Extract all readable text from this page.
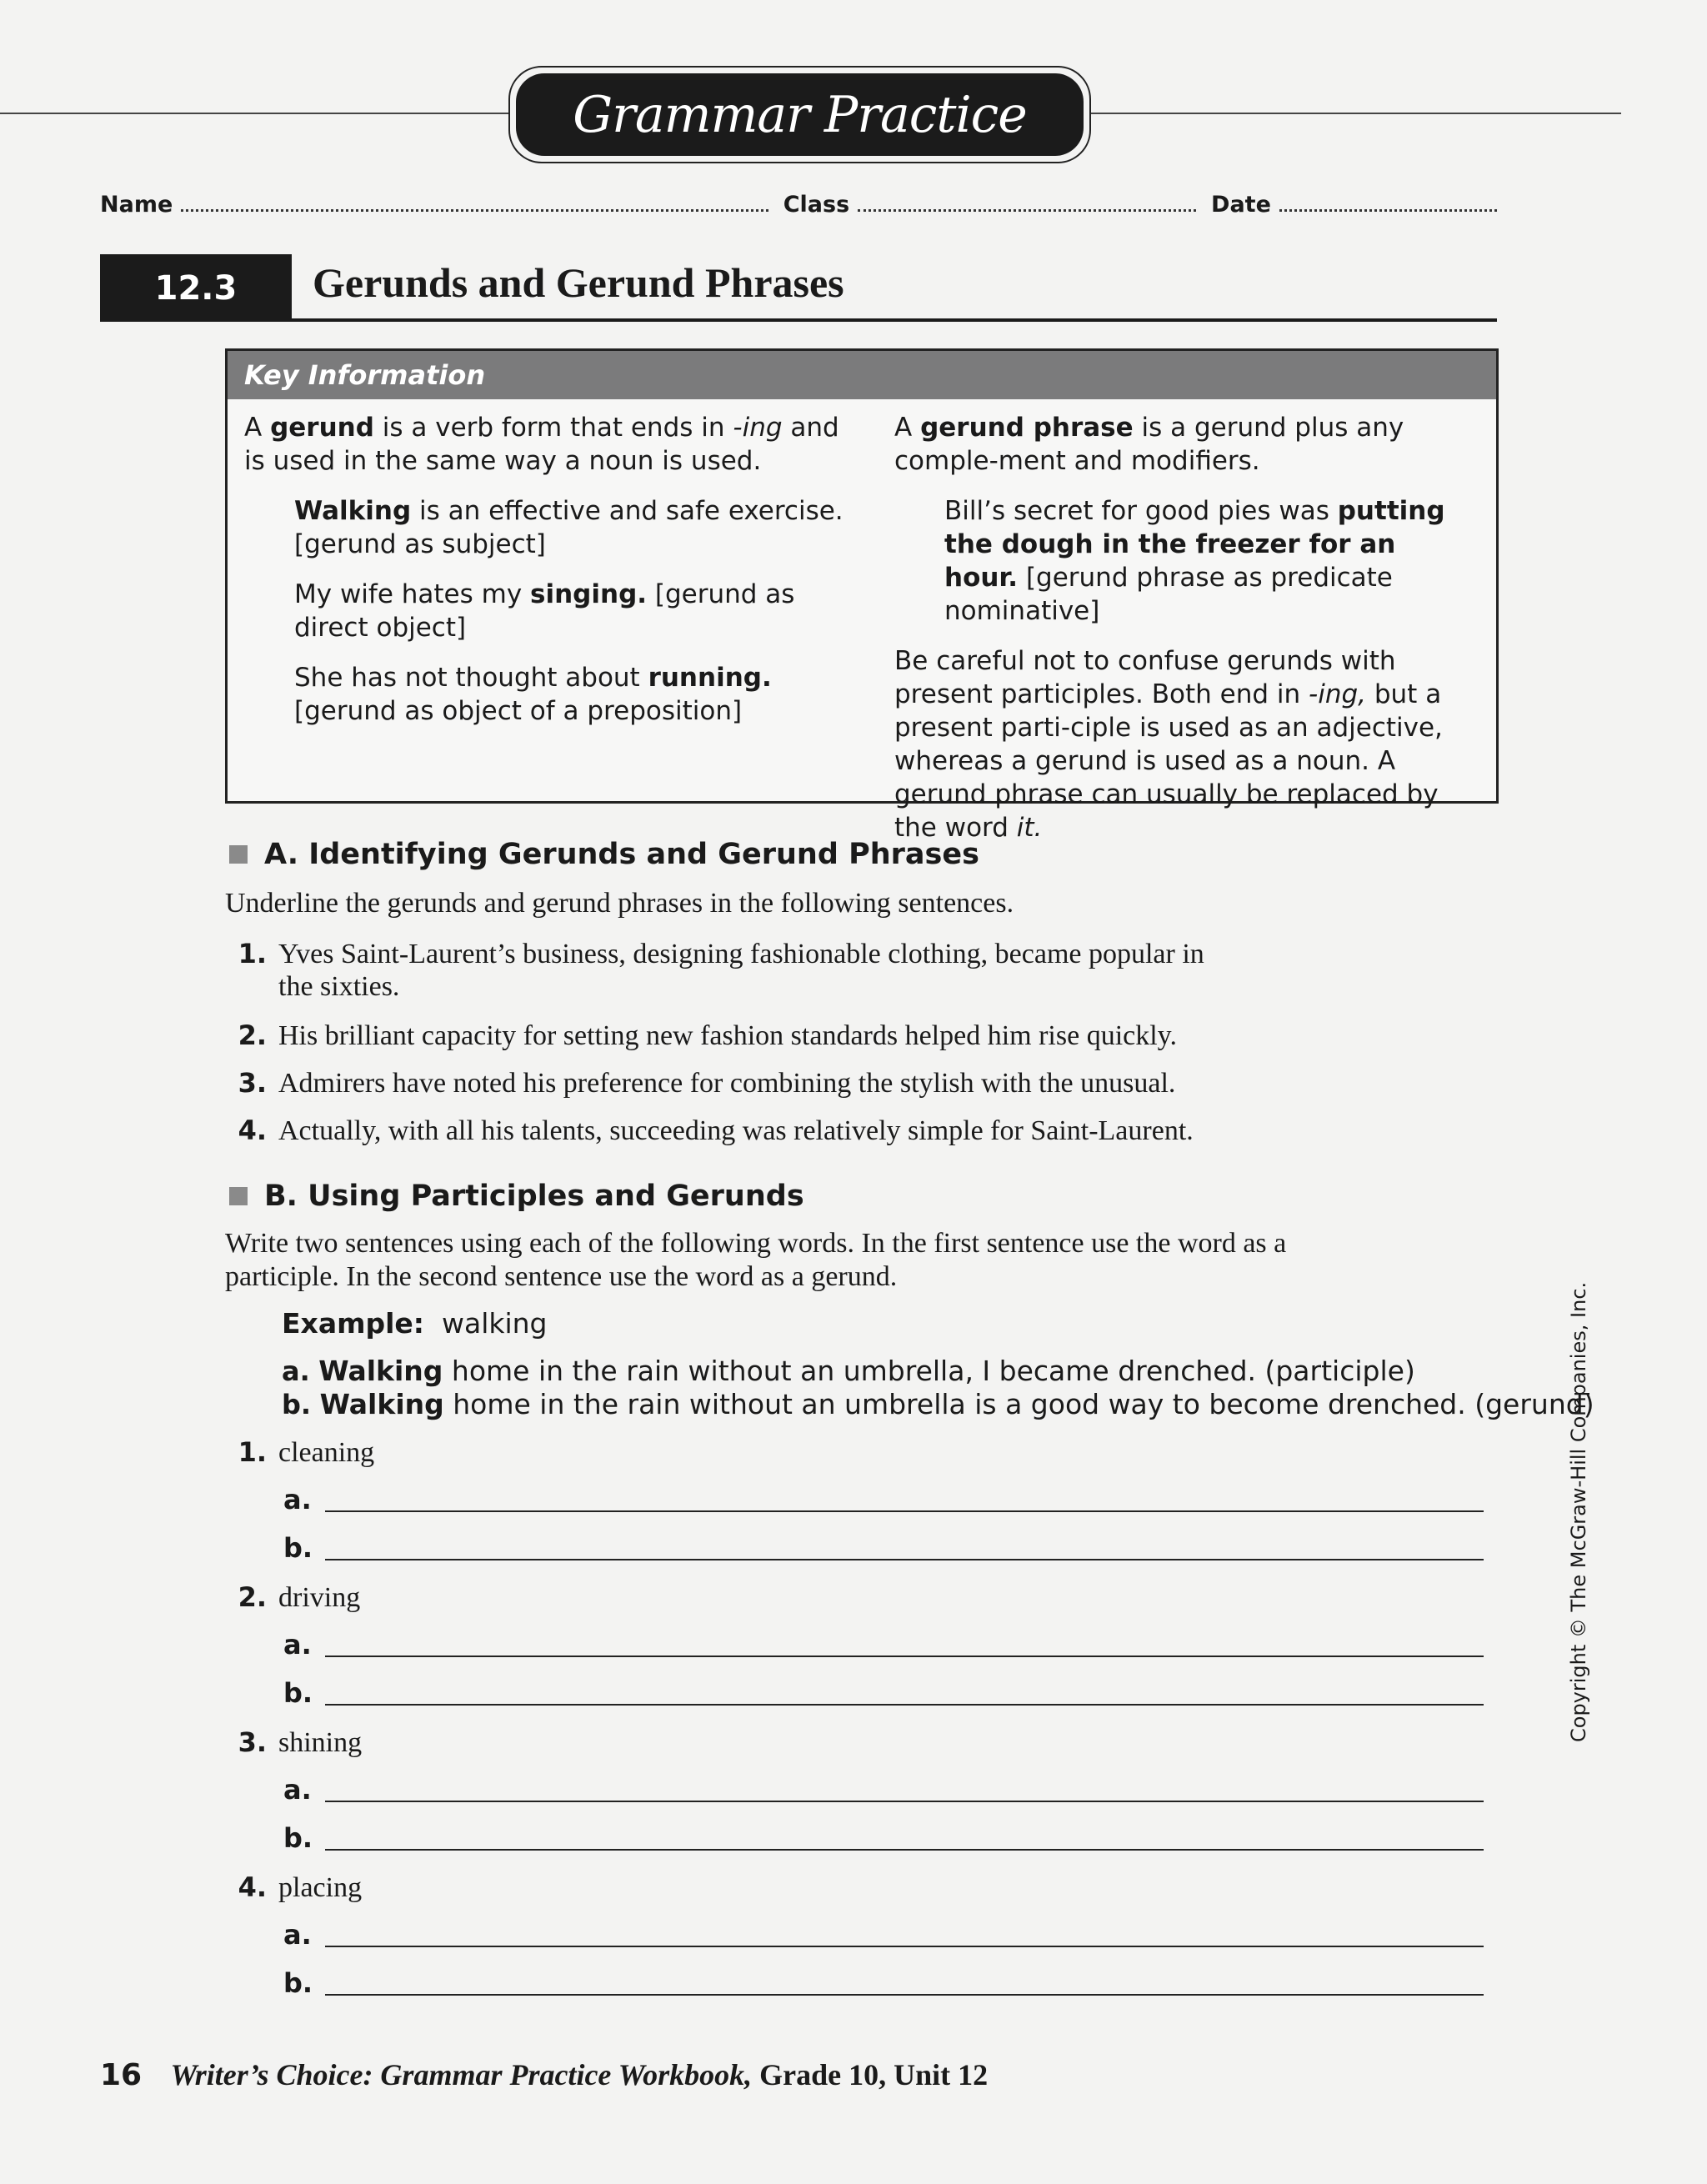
Grammar Practice
Name	Class	Date
12.3	Gerunds and Gerund Phrases
Key Information

A gerund is a verb form that ends in -ing and is used in the same way a noun is used.

Walking is an effective and safe exercise. [gerund as subject]

My wife hates my singing. [gerund as direct object]

She has not thought about running. [gerund as object of a preposition]

A gerund phrase is a gerund plus any comple-ment and modifiers.

Bill’s secret for good pies was putting the dough in the freezer for an hour. [gerund phrase as predicate nominative]

Be careful not to confuse gerunds with present participles. Both end in -ing, but a present parti-ciple is used as an adjective, whereas a gerund is used as a noun. A gerund phrase can usually be replaced by the word it.

A. Identifying Gerunds and Gerund Phrases
Underline the gerunds and gerund phrases in the following sentences.
1. Yves Saint-Laurent’s business, designing fashionable clothing, became popular in
the sixties.
2. His brilliant capacity for setting new fashion standards helped him rise quickly.
3. Admirers have noted his preference for combining the stylish with the unusual.
4. Actually, with all his talents, succeeding was relatively simple for Saint-Laurent.
B. Using Participles and Gerunds
Write two sentences using each of the following words. In the first sentence use the word as a
participle. In the second sentence use the word as a gerund.
Example: walking
a. Walking home in the rain without an umbrella, I became drenched. (participle)
b. Walking home in the rain without an umbrella is a good way to become drenched. (gerund)
1. cleaning
a.
b.
2. driving
a.
b.
3. shining
a.
b.
4. placing
a.
b.
Copyright © The McGraw-Hill Companies, Inc.
16 Writer’s Choice: Grammar Practice Workbook, Grade 10, Unit 12
